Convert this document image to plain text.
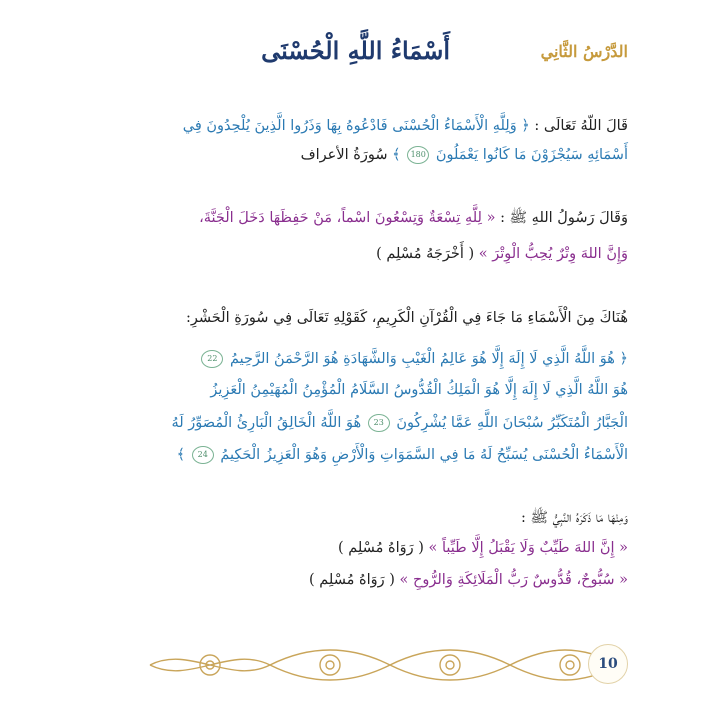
الدَّرْسُ الثَّانِي
أَسْمَاءُ اللَّهِ الْحُسْنَى
قَالَ اللّهُ تَعَالَى : ﴿ وَلِلَّهِ الْأَسْمَاءُ الْحُسْنَى فَادْعُوهُ بِهَا وَذَرُوا الَّذِينَ يُلْحِدُونَ فِي
أَسْمَائِهِ سَيُجْزَوْنَ مَا كَانُوا يَعْمَلُونَ 180 ﴾ سُورَةُ الأعراف
وَقَالَ رَسُولُ اللهِ ﷺ : « لِلَّهِ تِسْعَةٌ وَتِسْعُونَ اسْماً، مَنْ حَفِظَهَا دَخَلَ الْجَنَّةَ،
وَإِنَّ اللهَ وِتْرٌ يُحِبُّ الْوِتْرَ » ( أَخْرَجَهُ مُسْلِم )
هُنَاكَ مِنَ الْأَسْمَاءِ مَا جَاءَ فِي الْقُرْآنِ الْكَرِيمِ، كَقَوْلِهِ تَعَالَى فِي سُورَةِ الْحَشْرِ:
﴿ هُوَ اللَّهُ الَّذِي لَا إِلَهَ إِلَّا هُوَ عَالِمُ الْغَيْبِ وَالشَّهَادَةِ هُوَ الرَّحْمَنُ الرَّحِيمُ 22
هُوَ اللَّهُ الَّذِي لَا إِلَهَ إِلَّا هُوَ الْمَلِكُ الْقُدُّوسُ السَّلَامُ الْمُؤْمِنُ الْمُهَيْمِنُ الْعَزِيزُ
الْجَبَّارُ الْمُتَكَبِّرُ سُبْحَانَ اللَّهِ عَمَّا يُشْرِكُونَ 23 هُوَ اللَّهُ الْخَالِقُ الْبَارِئُ الْمُصَوِّرُ لَهُ
الْأَسْمَاءُ الْحُسْنَى يُسَبِّحُ لَهُ مَا فِي السَّمَوَاتِ وَالْأَرْضِ وَهُوَ الْعَزِيزُ الْحَكِيمُ 24 ﴾
وَمِنْهَا مَا ذَكَرَهُ النَّبِيُّ ﷺ :
« إِنَّ اللهَ طَيِّبٌ وَلَا يَقْبَلُ إِلَّا طَيِّباً » ( رَوَاهُ مُسْلِم )
« سُبُّوحٌ، قُدُّوسٌ رَبُّ الْمَلَائِكَةِ وَالرُّوحِ » ( رَوَاهُ مُسْلِم )
10
